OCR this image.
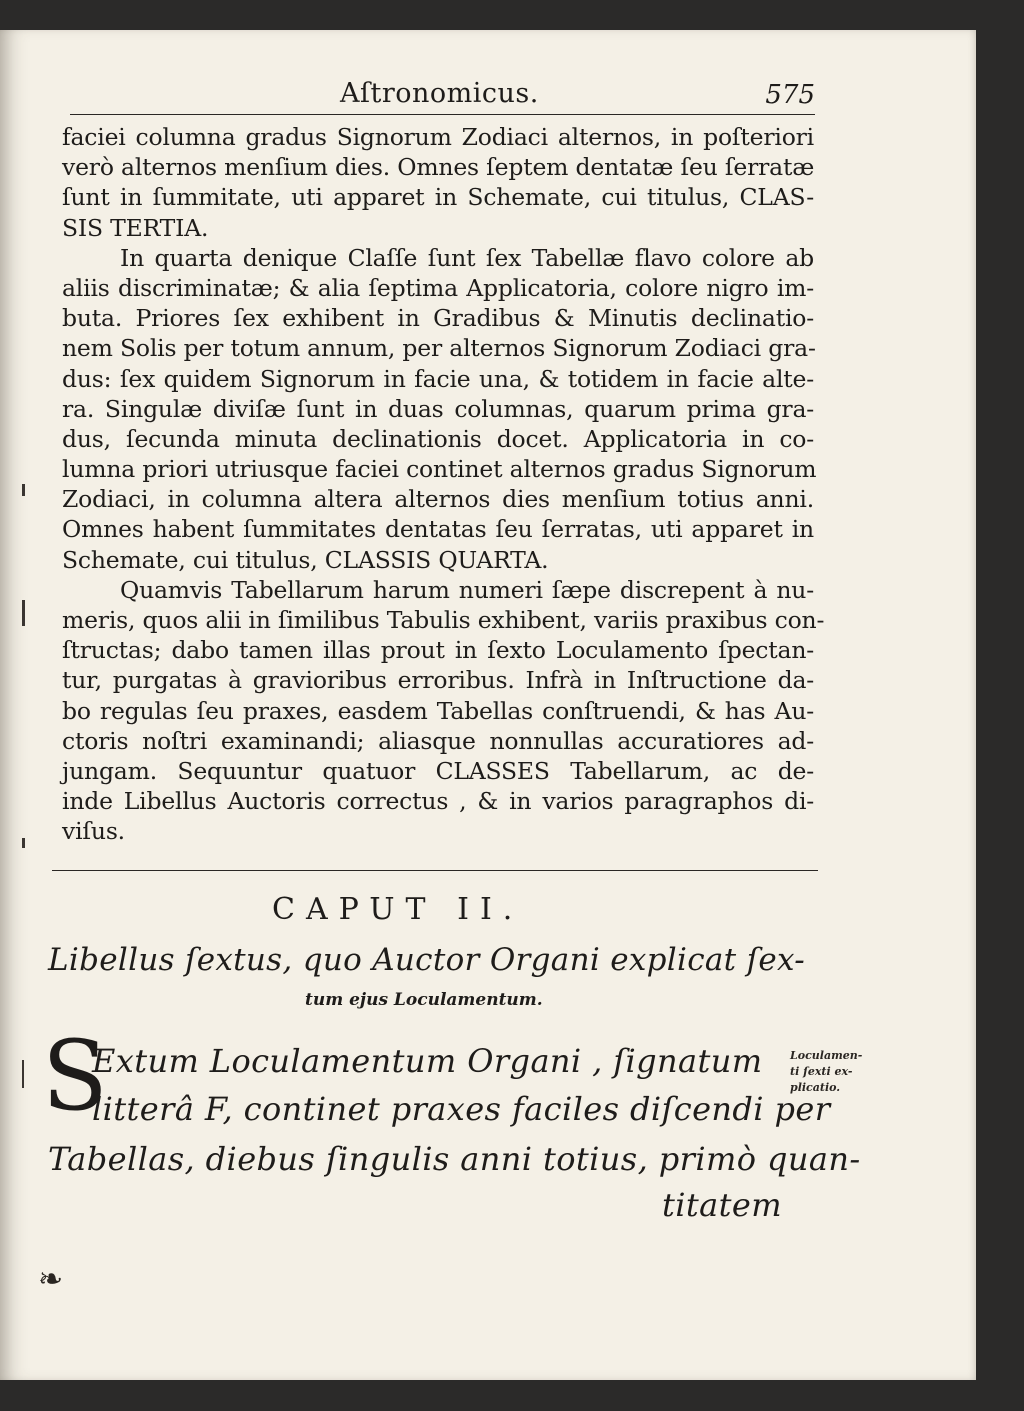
Aſtronomicus.	575
faciei columna gradus Signorum Zodiaci alternos, in poſteriori
verò alternos menſium dies. Omnes ſeptem dentatæ ſeu ſerratæ
ſunt in ſummitate, uti apparet in Schemate, cui titulus, CLAS-
SIS TERTIA.
In quarta denique Claſſe ſunt ſex Tabellæ flavo colore ab
aliis discriminatæ; & alia ſeptima Applicatoria, colore nigro im-
buta. Priores ſex exhibent in Gradibus & Minutis declinatio-
nem Solis per totum annum, per alternos Signorum Zodiaci gra-
dus: ſex quidem Signorum in facie una, & totidem in facie alte-
ra. Singulæ diviſæ ſunt in duas columnas, quarum prima gra-
dus, ſecunda minuta declinationis docet. Applicatoria in co-
lumna priori utriusque faciei continet alternos gradus Signorum
Zodiaci, in columna altera alternos dies menſium totius anni.
Omnes habent ſummitates dentatas ſeu ſerratas, uti apparet in
Schemate, cui titulus, CLASSIS QUARTA.
Quamvis Tabellarum harum numeri ſæpe discrepent à nu-
meris, quos alii in ſimilibus Tabulis exhibent, variis praxibus con-
ſtructas; dabo tamen illas prout in ſexto Loculamento ſpectan-
tur, purgatas à gravioribus erroribus. Infrà in Inſtructione da-
bo regulas ſeu praxes, easdem Tabellas conſtruendi, & has Au-
ctoris noſtri examinandi; aliasque nonnullas accuratiores ad-
jungam. Sequuntur quatuor CLASSES Tabellarum, ac de-
inde Libellus Auctoris correctus , & in varios paragraphos di-
viſus.
CAPUT II.
Libellus ſextus, quo Auctor Organi explicat ſex-
tum ejus Loculamentum.
S
Extum Loculamentum Organi , ſignatum
litterâ F, continet praxes faciles diſcendi per
Tabellas, diebus ſingulis anni totius, primò quan-
titatem
Loculamen-
ti ſexti ex-
plicatio.
❧
